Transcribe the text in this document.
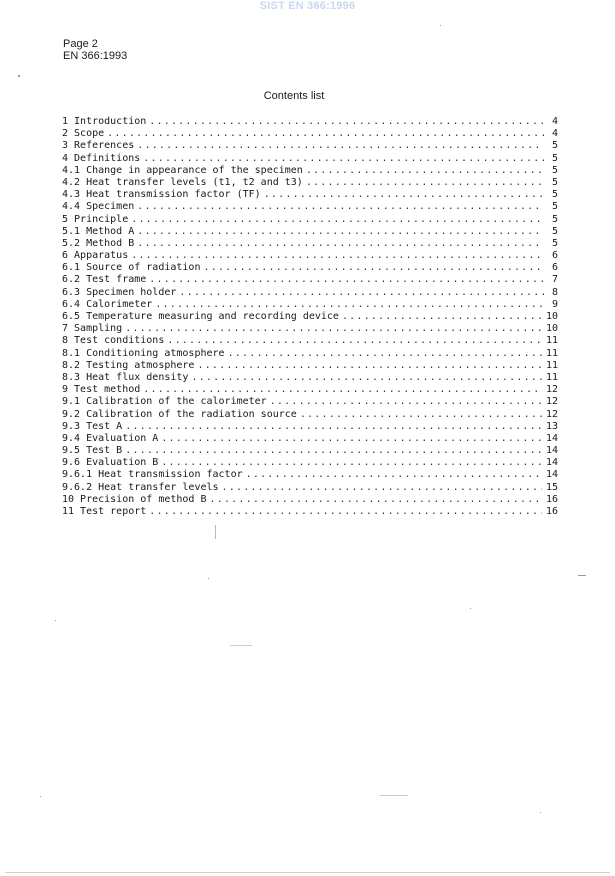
SIST EN 366:1996
Page 2
EN 366:1993
Contents list
1 Introduction .....	4
2 Scope .....	4
3 References .....	5
4 Definitions .....	5
4.1 Change in appearance of the specimen .....	5
4.2 Heat transfer levels (t1, t2 and t3) .....	5
4.3 Heat transmission factor (TF) .....	5
4.4 Specimen .....	5
5 Principle .....	5
5.1 Method A .....	5
5.2 Method B .....	5
6 Apparatus .....	6
6.1 Source of radiation .....	6
6.2 Test frame .....	7
6.3 Specimen holder .....	8
6.4 Calorimeter .....	9
6.5 Temperature measuring and recording device .....	10
7 Sampling .....	10
8 Test conditions .....	11
8.1 Conditioning atmosphere .....	11
8.2 Testing atmosphere .....	11
8.3 Heat flux density .....	11
9 Test method .....	12
9.1 Calibration of the calorimeter .....	12
9.2 Calibration of the radiation source .....	12
9.3 Test A .....	13
9.4 Evaluation A .....	14
9.5 Test B .....	14
9.6 Evaluation B .....	14
9.6.1 Heat transmission factor .....	14
9.6.2 Heat transfer levels .....	15
10 Precision of method B .....	16
11 Test report .....	16
